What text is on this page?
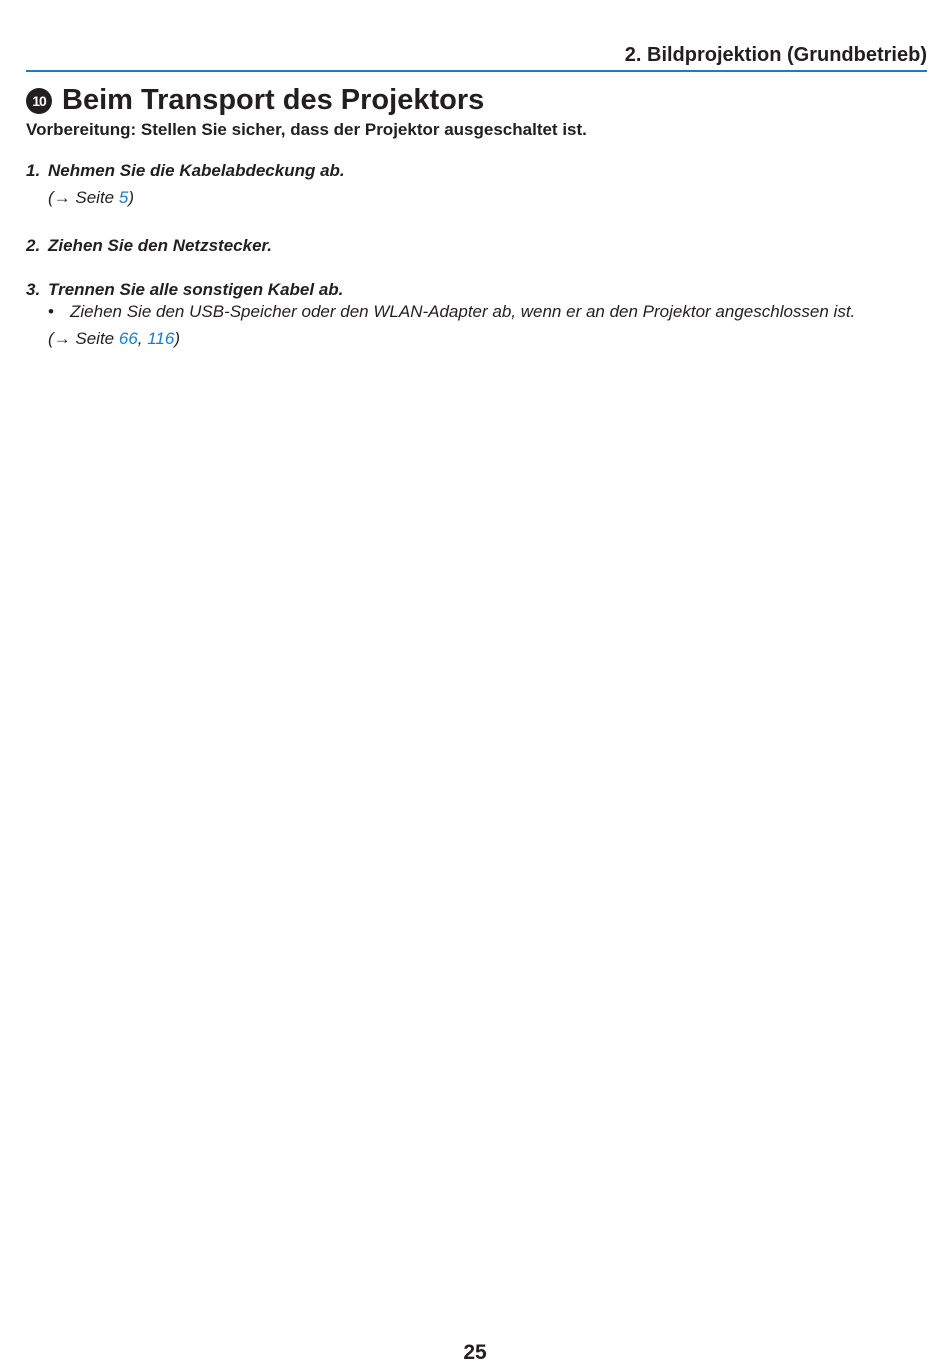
2. Bildprojektion (Grundbetrieb)
10 Beim Transport des Projektors
Vorbereitung: Stellen Sie sicher, dass der Projektor ausgeschaltet ist.
1. Nehmen Sie die Kabelabdeckung ab.
(→ Seite 5)
2. Ziehen Sie den Netzstecker.
3. Trennen Sie alle sonstigen Kabel ab.
• Ziehen Sie den USB-Speicher oder den WLAN-Adapter ab, wenn er an den Projektor angeschlossen ist.
(→ Seite 66, 116)
25
